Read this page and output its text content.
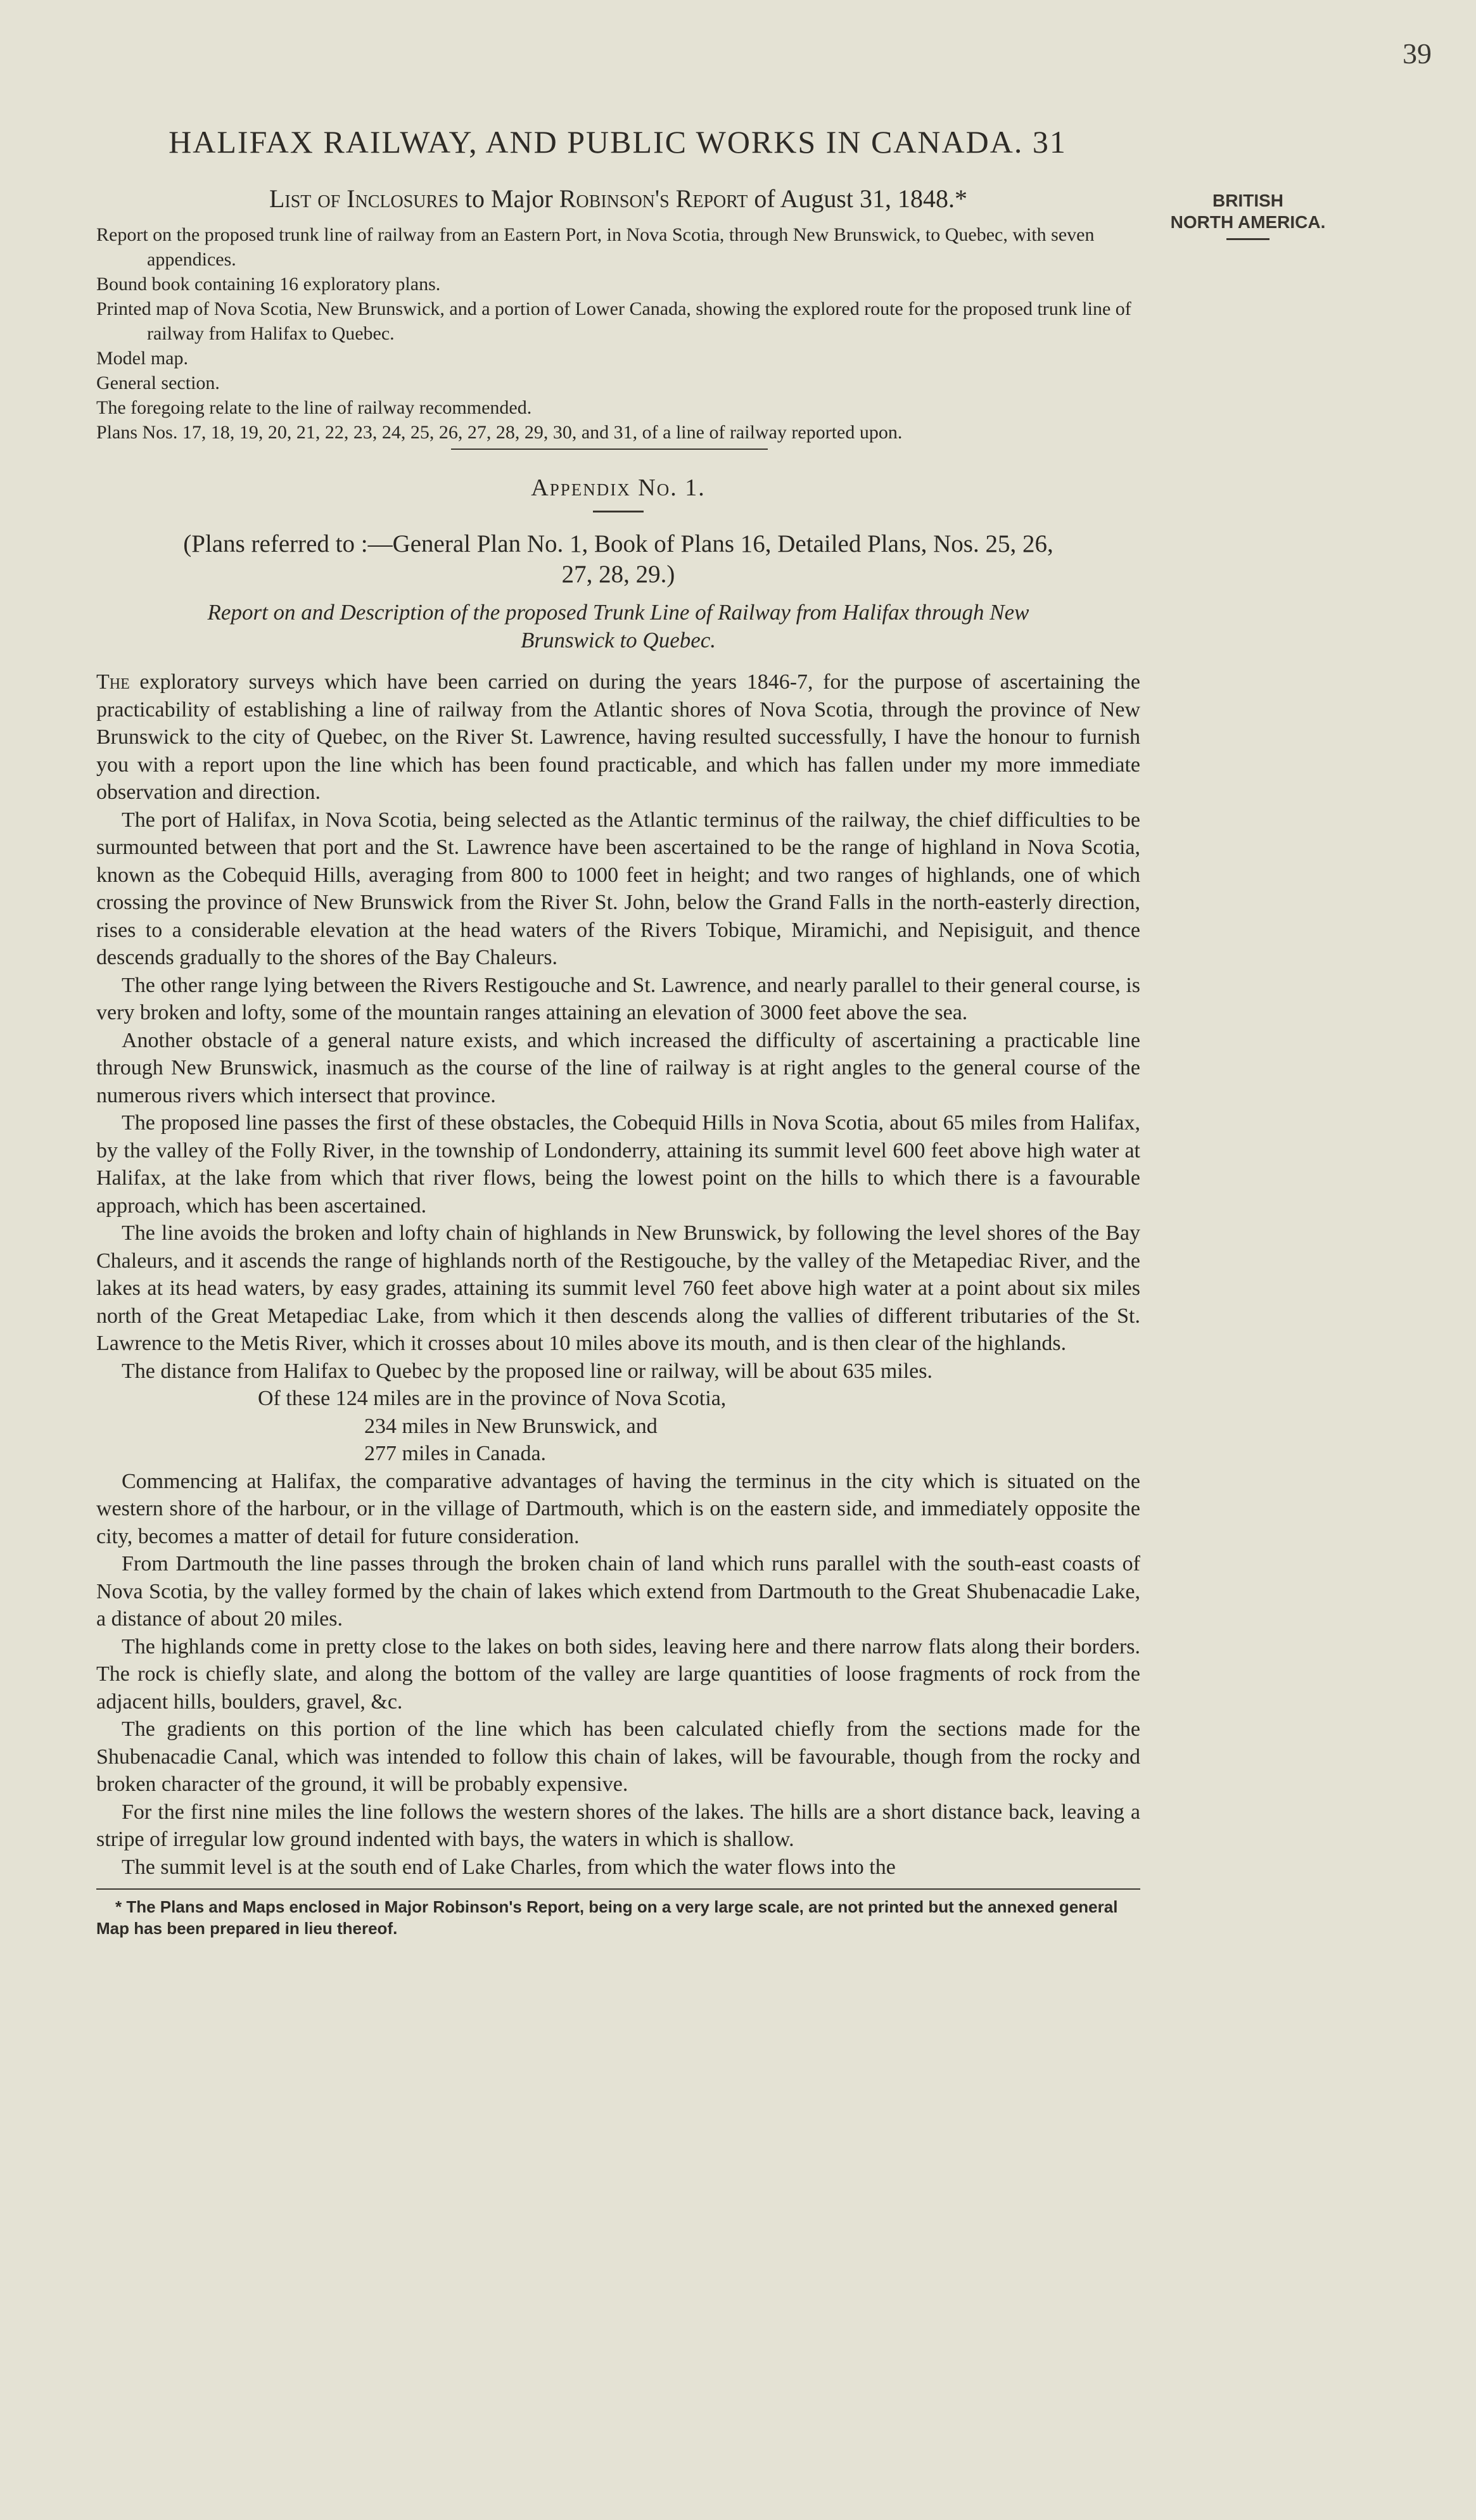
39
HALIFAX RAILWAY, AND PUBLIC WORKS IN CANADA. 31
BRITISH
NORTH AMERICA.
List of Inclosures to Major Robinson's Report of August 31, 1848.*

Report on the proposed trunk line of railway from an Eastern Port, in Nova Scotia, through New Brunswick, to Quebec, with seven appendices.

Bound book containing 16 exploratory plans.

Printed map of Nova Scotia, New Brunswick, and a portion of Lower Canada, showing the explored route for the proposed trunk line of railway from Halifax to Quebec.

Model map.

General section.

The foregoing relate to the line of railway recommended.

Plans Nos. 17, 18, 19, 20, 21, 22, 23, 24, 25, 26, 27, 28, 29, 30, and 31, of a line of railway reported upon.

Appendix No. 1.
(Plans referred to :—General Plan No. 1, Book of Plans 16, Detailed Plans, Nos. 25, 26,
27, 28, 29.)
Report on and Description of the proposed Trunk Line of Railway from Halifax through New
Brunswick to Quebec.

The exploratory surveys which have been carried on during the years 1846-7, for the purpose of ascertaining the practicability of establishing a line of railway from the Atlantic shores of Nova Scotia, through the province of New Brunswick to the city of Quebec, on the River St. Lawrence, having resulted successfully, I have the honour to furnish you with a report upon the line which has been found practicable, and which has fallen under my more immediate observation and direction.

The port of Halifax, in Nova Scotia, being selected as the Atlantic terminus of the railway, the chief difficulties to be surmounted between that port and the St. Lawrence have been ascertained to be the range of highland in Nova Scotia, known as the Cobequid Hills, averaging from 800 to 1000 feet in height; and two ranges of highlands, one of which crossing the province of New Brunswick from the River St. John, below the Grand Falls in the north-easterly direction, rises to a considerable elevation at the head waters of the Rivers Tobique, Miramichi, and Nepisiguit, and thence descends gradually to the shores of the Bay Chaleurs.

The other range lying between the Rivers Restigouche and St. Lawrence, and nearly parallel to their general course, is very broken and lofty, some of the mountain ranges attaining an elevation of 3000 feet above the sea.

Another obstacle of a general nature exists, and which increased the difficulty of ascertaining a practicable line through New Brunswick, inasmuch as the course of the line of railway is at right angles to the general course of the numerous rivers which intersect that province.

The proposed line passes the first of these obstacles, the Cobequid Hills in Nova Scotia, about 65 miles from Halifax, by the valley of the Folly River, in the township of Londonderry, attaining its summit level 600 feet above high water at Halifax, at the lake from which that river flows, being the lowest point on the hills to which there is a favourable approach, which has been ascertained.

The line avoids the broken and lofty chain of highlands in New Brunswick, by following the level shores of the Bay Chaleurs, and it ascends the range of highlands north of the Restigouche, by the valley of the Metapediac River, and the lakes at its head waters, by easy grades, attaining its summit level 760 feet above high water at a point about six miles north of the Great Metapediac Lake, from which it then descends along the vallies of different tributaries of the St. Lawrence to the Metis River, which it crosses about 10 miles above its mouth, and is then clear of the highlands.

The distance from Halifax to Quebec by the proposed line or railway, will be about 635 miles.

Of these 124 miles are in the province of Nova Scotia,
234 miles in New Brunswick, and
277 miles in Canada.

Commencing at Halifax, the comparative advantages of having the terminus in the city which is situated on the western shore of the harbour, or in the village of Dartmouth, which is on the eastern side, and immediately opposite the city, becomes a matter of detail for future consideration.

From Dartmouth the line passes through the broken chain of land which runs parallel with the south-east coasts of Nova Scotia, by the valley formed by the chain of lakes which extend from Dartmouth to the Great Shubenacadie Lake, a distance of about 20 miles.

The highlands come in pretty close to the lakes on both sides, leaving here and there narrow flats along their borders. The rock is chiefly slate, and along the bottom of the valley are large quantities of loose fragments of rock from the adjacent hills, boulders, gravel, &c.

The gradients on this portion of the line which has been calculated chiefly from the sections made for the Shubenacadie Canal, which was intended to follow this chain of lakes, will be favourable, though from the rocky and broken character of the ground, it will be probably expensive.

For the first nine miles the line follows the western shores of the lakes. The hills are a short distance back, leaving a stripe of irregular low ground indented with bays, the waters in which is shallow.

The summit level is at the south end of Lake Charles, from which the water flows into the

* The Plans and Maps enclosed in Major Robinson's Report, being on a very large scale, are not printed but the annexed general Map has been prepared in lieu thereof.
